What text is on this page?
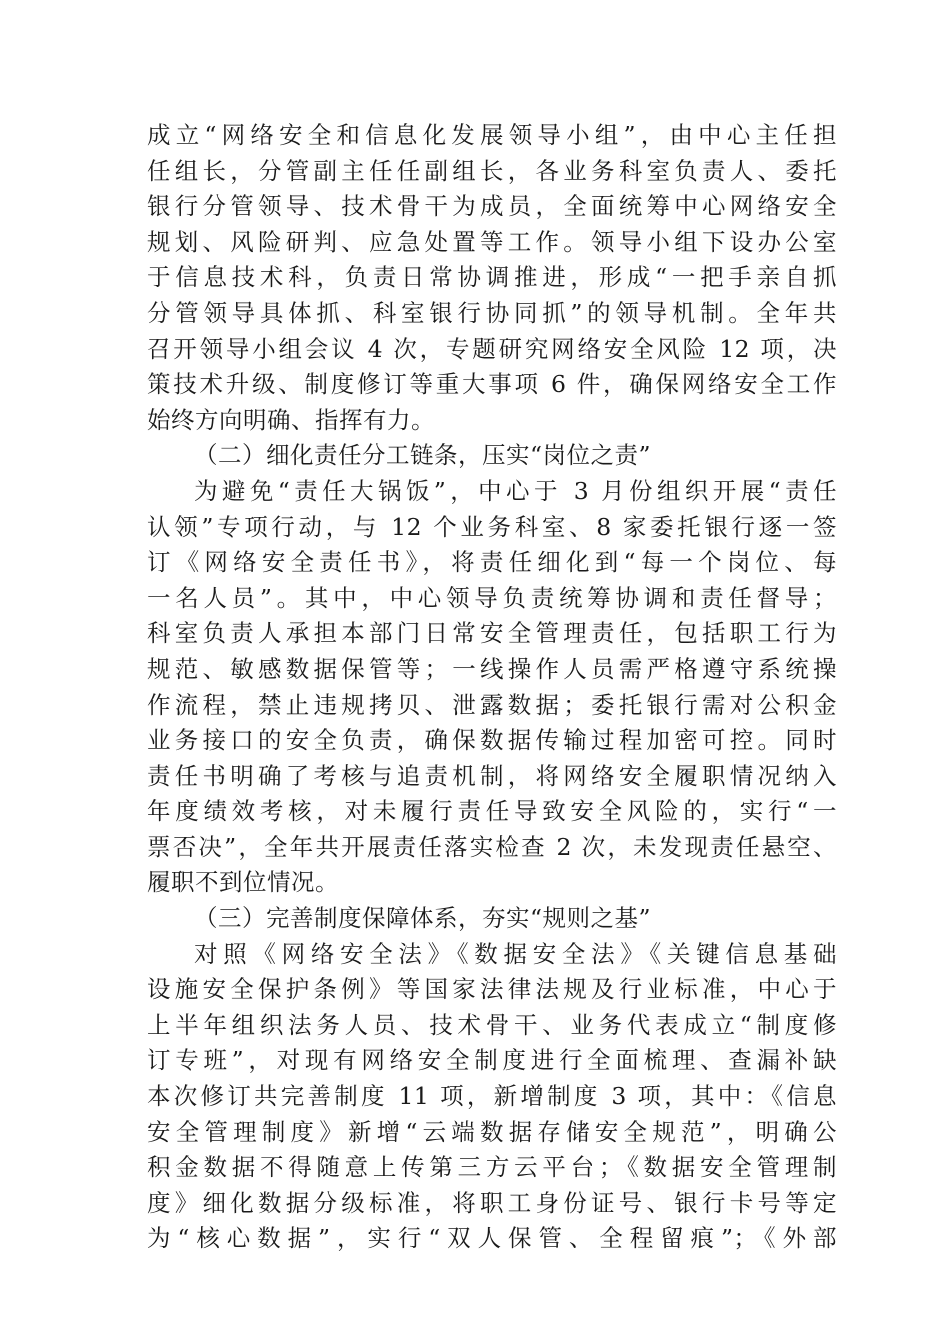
成立“网络安全和信息化发展领导小组”，由中心主任担
任组长，分管副主任任副组长，各业务科室负责人、委托
银行分管领导、技术骨干为成员，全面统筹中心网络安全
规划、风险研判、应急处置等工作。领导小组下设办公室
于信息技术科，负责日常协调推进，形成“一把手亲自抓
分管领导具体抓、科室银行协同抓”的领导机制。全年共
召开领导小组会议 4 次，专题研究网络安全风险 12 项，决
策技术升级、制度修订等重大事项 6 件，确保网络安全工作
始终方向明确、指挥有力。
（二）细化责任分工链条，压实“岗位之责”
为避免“责任大锅饭”，中心于 3 月份组织开展“责任
认领”专项行动，与 12 个业务科室、8 家委托银行逐一签
订《网络安全责任书》，将责任细化到“每一个岗位、每
一名人员”。其中，中心领导负责统筹协调和责任督导；
科室负责人承担本部门日常安全管理责任，包括职工行为
规范、敏感数据保管等；一线操作人员需严格遵守系统操
作流程，禁止违规拷贝、泄露数据；委托银行需对公积金
业务接口的安全负责，确保数据传输过程加密可控。同时
责任书明确了考核与追责机制，将网络安全履职情况纳入
年度绩效考核，对未履行责任导致安全风险的，实行“一
票否决”，全年共开展责任落实检查 2 次，未发现责任悬空、
履职不到位情况。
（三）完善制度保障体系，夯实“规则之基”
对照《网络安全法》《数据安全法》《关键信息基础
设施安全保护条例》等国家法律法规及行业标准，中心于
上半年组织法务人员、技术骨干、业务代表成立“制度修
订专班”，对现有网络安全制度进行全面梳理、查漏补缺
本次修订共完善制度 11 项，新增制度 3 项，其中：《信息
安全管理制度》新增“云端数据存储安全规范”，明确公
积金数据不得随意上传第三方云平台；《数据安全管理制
度》细化数据分级标准，将职工身份证号、银行卡号等定
为“核心数据”，实行“双人保管、全程留痕”；《外部
